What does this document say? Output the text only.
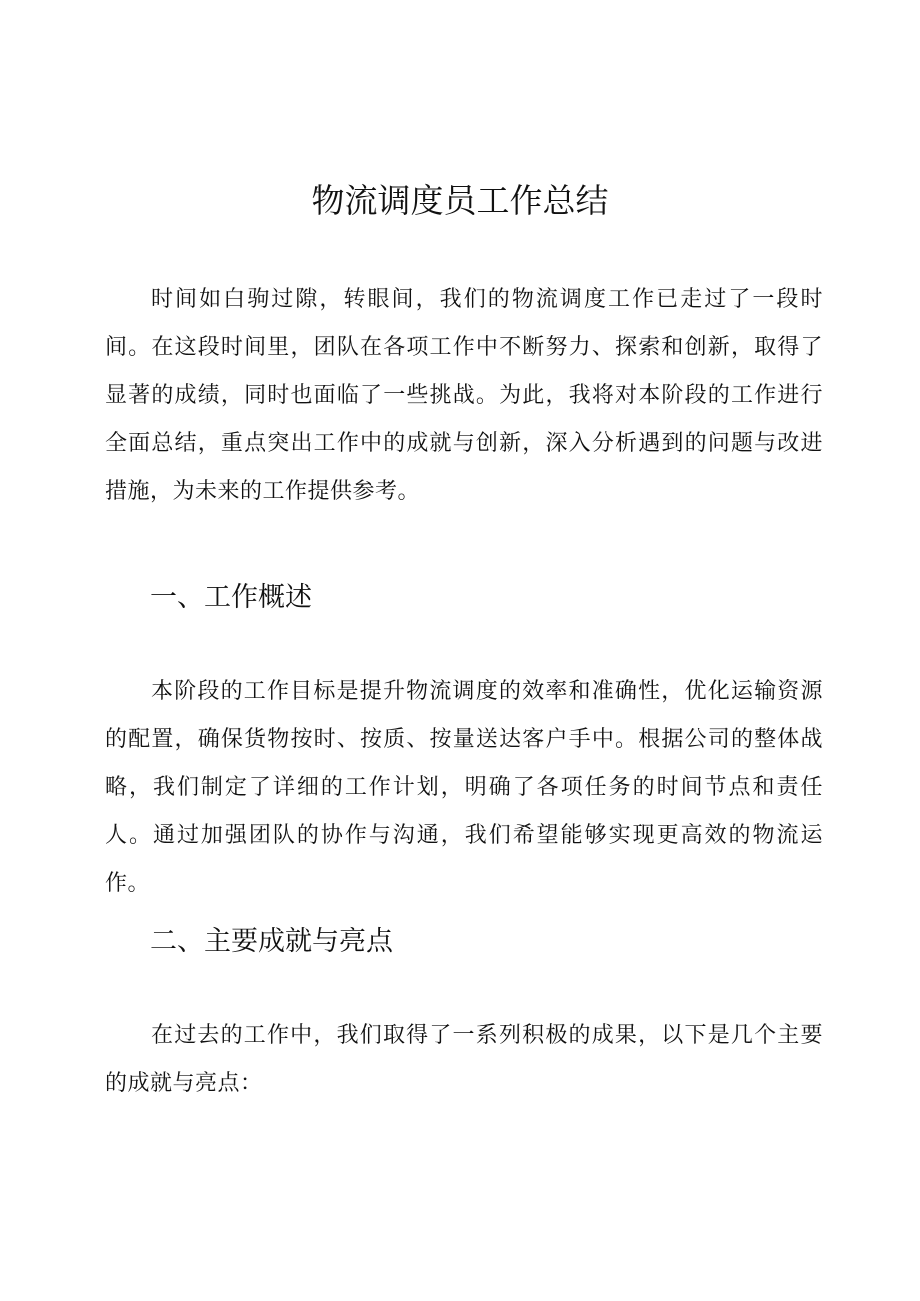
物流调度员工作总结

时间如白驹过隙，转眼间，我们的物流调度工作已走过了一段时间。在这段时间里，团队在各项工作中不断努力、探索和创新，取得了显著的成绩，同时也面临了一些挑战。为此，我将对本阶段的工作进行全面总结，重点突出工作中的成就与创新，深入分析遇到的问题与改进措施，为未来的工作提供参考。

一、工作概述

本阶段的工作目标是提升物流调度的效率和准确性，优化运输资源的配置，确保货物按时、按质、按量送达客户手中。根据公司的整体战略，我们制定了详细的工作计划，明确了各项任务的时间节点和责任人。通过加强团队的协作与沟通，我们希望能够实现更高效的物流运作。

二、主要成就与亮点

在过去的工作中，我们取得了一系列积极的成果，以下是几个主要的成就与亮点：
